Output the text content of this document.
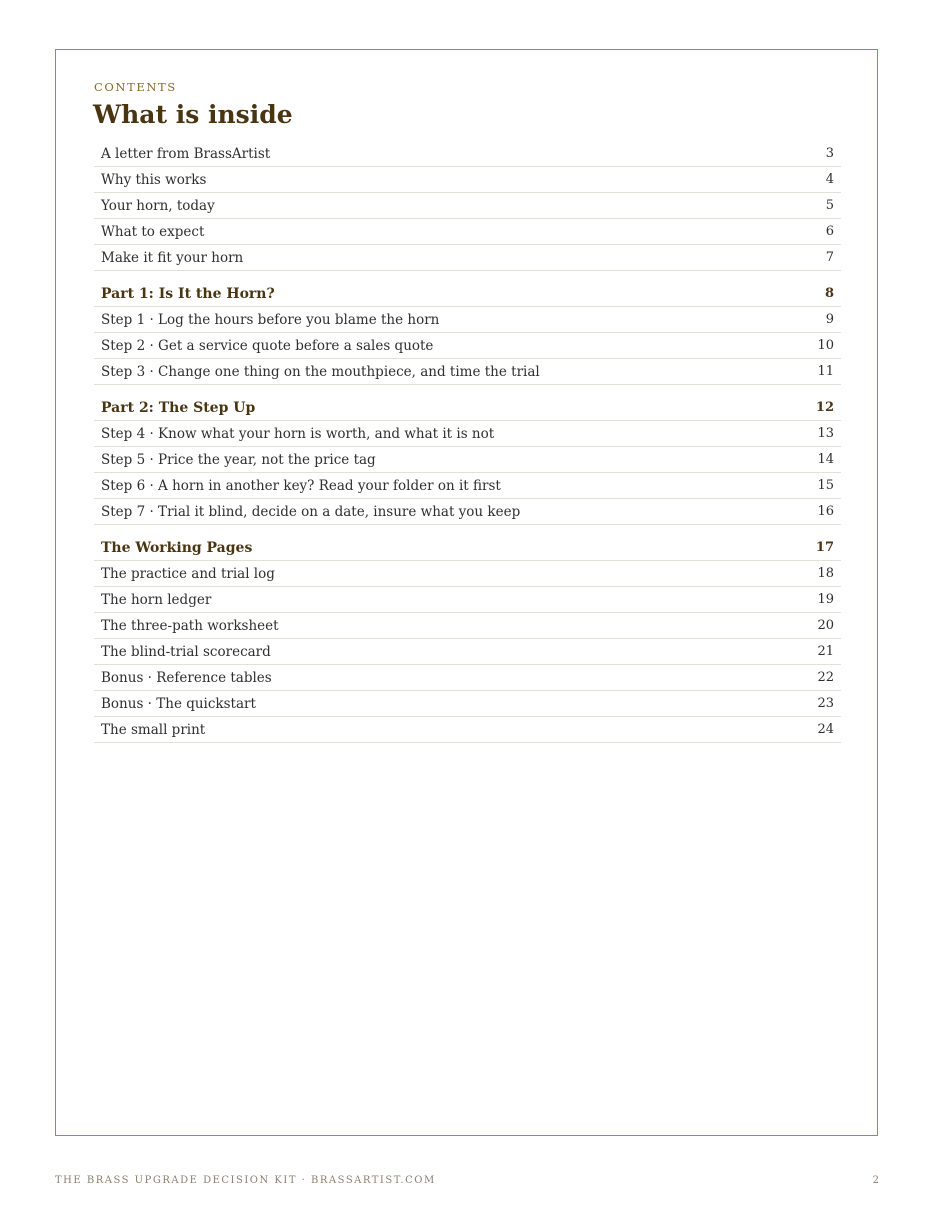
CONTENTS
What is inside
A letter from BrassArtist	3
Why this works	4
Your horn, today	5
What to expect	6
Make it fit your horn	7
Part 1: Is It the Horn?	8
Step 1 · Log the hours before you blame the horn	9
Step 2 · Get a service quote before a sales quote	10
Step 3 · Change one thing on the mouthpiece, and time the trial	11
Part 2: The Step Up	12
Step 4 · Know what your horn is worth, and what it is not	13
Step 5 · Price the year, not the price tag	14
Step 6 · A horn in another key? Read your folder on it first	15
Step 7 · Trial it blind, decide on a date, insure what you keep	16
The Working Pages	17
The practice and trial log	18
The horn ledger	19
The three-path worksheet	20
The blind-trial scorecard	21
Bonus · Reference tables	22
Bonus · The quickstart	23
The small print	24
THE BRASS UPGRADE DECISION KIT · BRASSARTIST.COM	2
